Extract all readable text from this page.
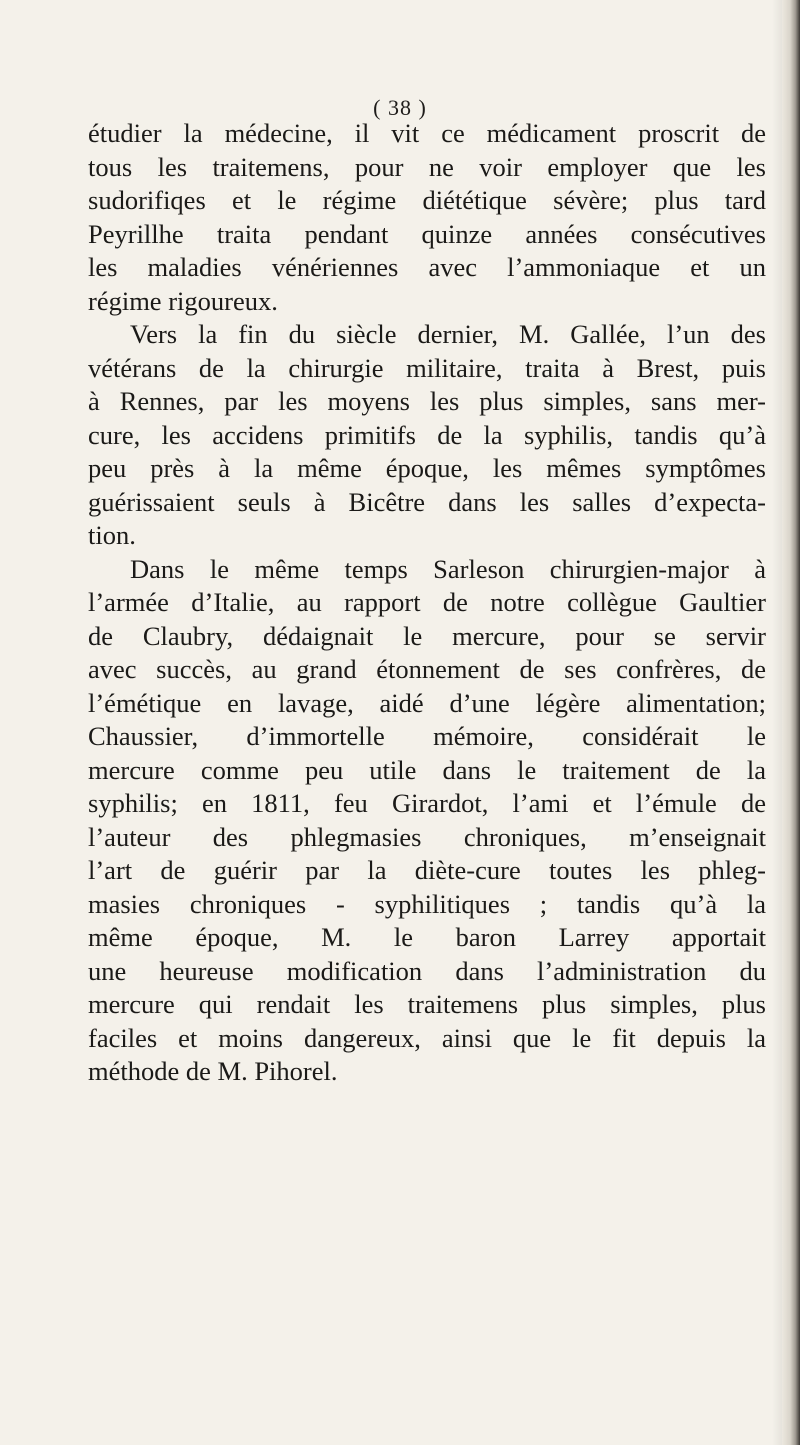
( 38 )
étudier la médecine, il vit ce médicament proscrit de
tous les traitemens, pour ne voir employer que les
sudorifiqes et le régime diététique sévère; plus tard
Peyrillhe traita pendant quinze années consécutives
les maladies vénériennes avec l’ammoniaque et un
régime rigoureux.
Vers la fin du siècle dernier, M. Gallée, l’un des
vétérans de la chirurgie militaire, traita à Brest, puis
à Rennes, par les moyens les plus simples, sans mer-
cure, les accidens primitifs de la syphilis, tandis qu’à
peu près à la même époque, les mêmes symptômes
guérissaient seuls à Bicêtre dans les salles d’expecta-
tion.
Dans le même temps Sarleson chirurgien-major à
l’armée d’Italie, au rapport de notre collègue Gaultier
de Claubry, dédaignait le mercure, pour se servir
avec succès, au grand étonnement de ses confrères, de
l’émétique en lavage, aidé d’une légère alimentation;
Chaussier, d’immortelle mémoire, considérait le
mercure comme peu utile dans le traitement de la
syphilis; en 1811, feu Girardot, l’ami et l’émule de
l’auteur des phlegmasies chroniques, m’enseignait
l’art de guérir par la diète-cure toutes les phleg-
masies chroniques - syphilitiques ; tandis qu’à la
même époque, M. le baron Larrey apportait
une heureuse modification dans l’administration du
mercure qui rendait les traitemens plus simples, plus
faciles et moins dangereux, ainsi que le fit depuis la
méthode de M. Pihorel.
